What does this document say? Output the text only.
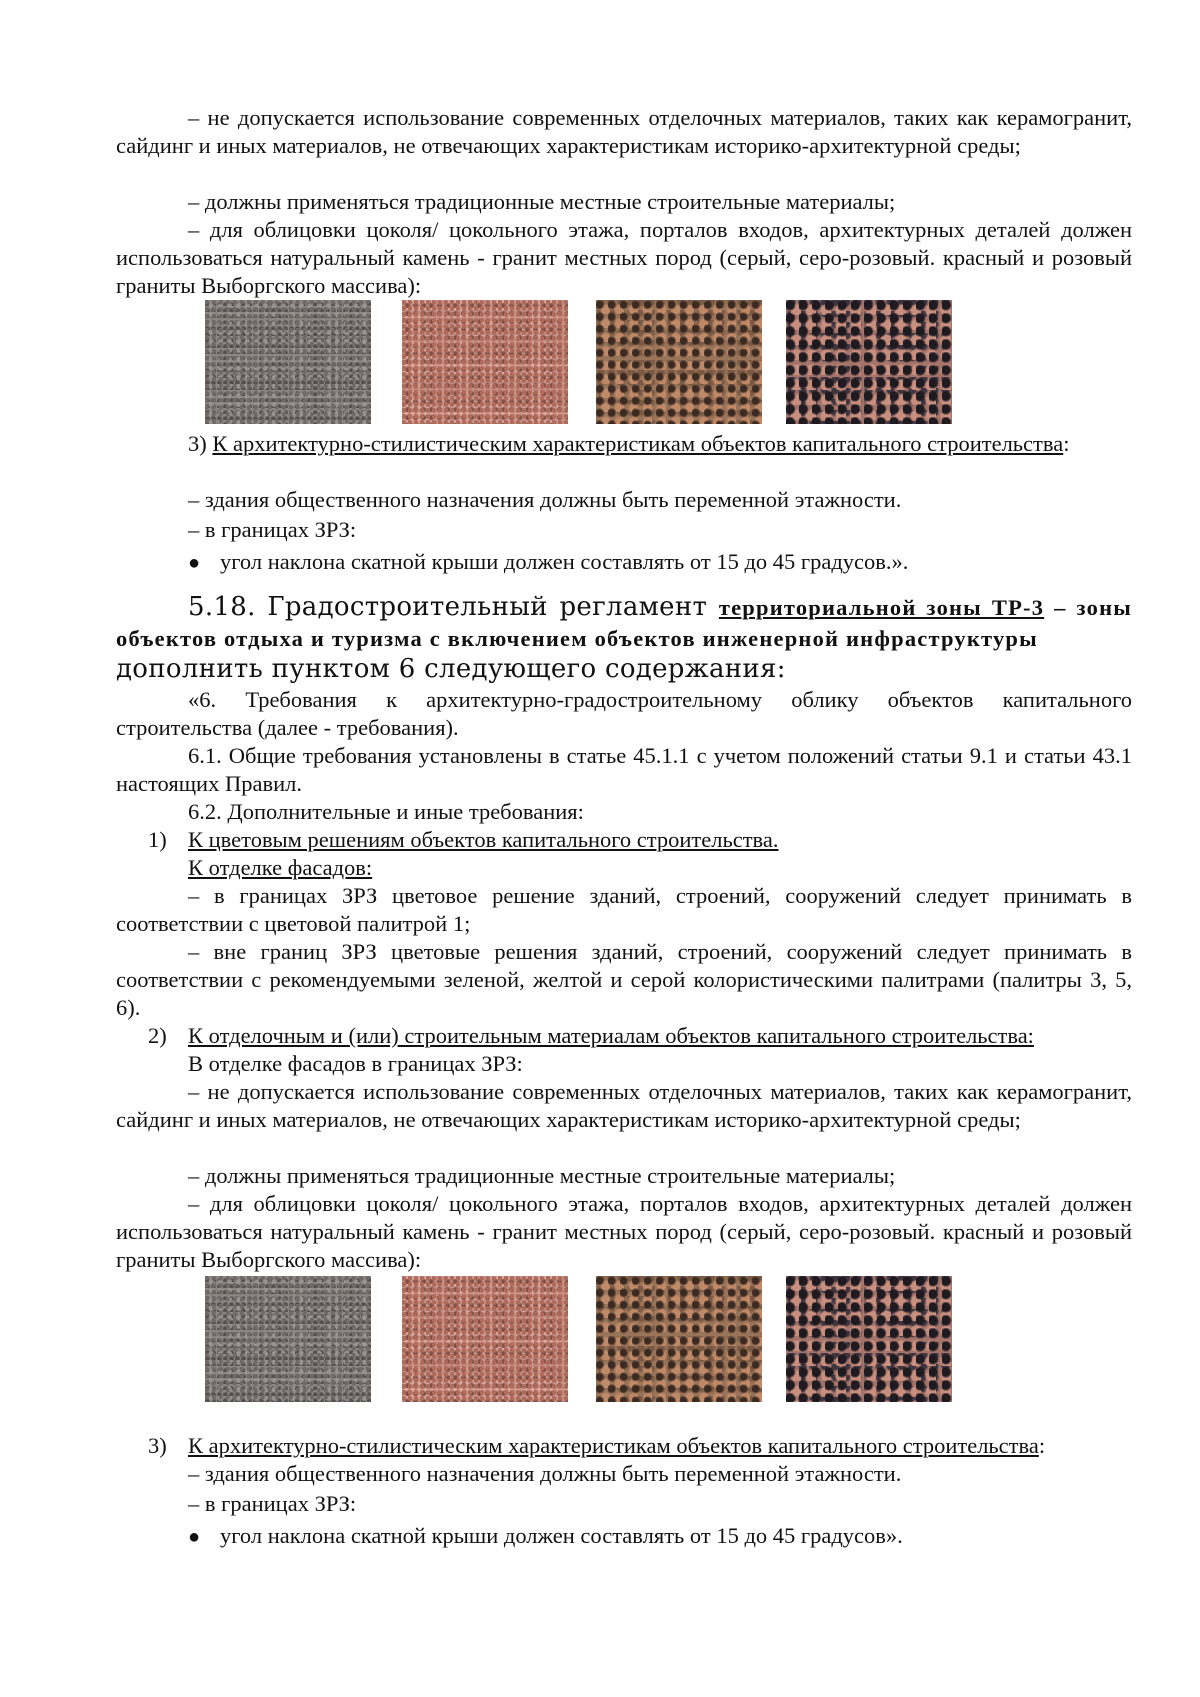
– не допускается использование современных отделочных материалов, таких как керамогранит, сайдинг и иных материалов, не отвечающих характеристикам историко-архитектурной среды;

– должны применяться традиционные местные строительные материалы;

– для облицовки цоколя/ цокольного этажа, порталов входов, архитектурных деталей должен использоваться натуральный камень - гранит местных пород (серый, серо-розовый. красный и розовый граниты Выборгского массива):

3) К архитектурно-стилистическим характеристикам объектов капитального строительства:

– здания общественного назначения должны быть переменной этажности.

– в границах ЗРЗ:

● угол наклона скатной крыши должен составлять от 15 до 45 градусов.».

5.18. Градостроительный регламент территориальной зоны ТР-3 – зоны объектов отдыха и туризма с включением объектов инженерной инфраструктуры
дополнить пунктом 6 следующего содержания:

«6. Требования к архитектурно-градостроительному облику объектов капитального строительства (далее - требования).

6.1. Общие требования установлены в статье 45.1.1 с учетом положений статьи 9.1 и статьи 43.1 настоящих Правил.

6.2. Дополнительные и иные требования:

1) К цветовым решениям объектов капитального строительства.

К отделке фасадов:

– в границах ЗРЗ цветовое решение зданий, строений, сооружений следует принимать в соответствии с цветовой палитрой 1;

– вне границ ЗРЗ цветовые решения зданий, строений, сооружений следует принимать в соответствии с рекомендуемыми зеленой, желтой и серой колористическими палитрами (палитры 3, 5, 6).

2) К отделочным и (или) строительным материалам объектов капитального строительства:

В отделке фасадов в границах ЗРЗ:

– не допускается использование современных отделочных материалов, таких как керамогранит, сайдинг и иных материалов, не отвечающих характеристикам историко-архитектурной среды;

– должны применяться традиционные местные строительные материалы;

– для облицовки цоколя/ цокольного этажа, порталов входов, архитектурных деталей должен использоваться натуральный камень - гранит местных пород (серый, серо-розовый. красный и розовый граниты Выборгского массива):

3) К архитектурно-стилистическим характеристикам объектов капитального строительства:

– здания общественного назначения должны быть переменной этажности.

– в границах ЗРЗ:

● угол наклона скатной крыши должен составлять от 15 до 45 градусов».
